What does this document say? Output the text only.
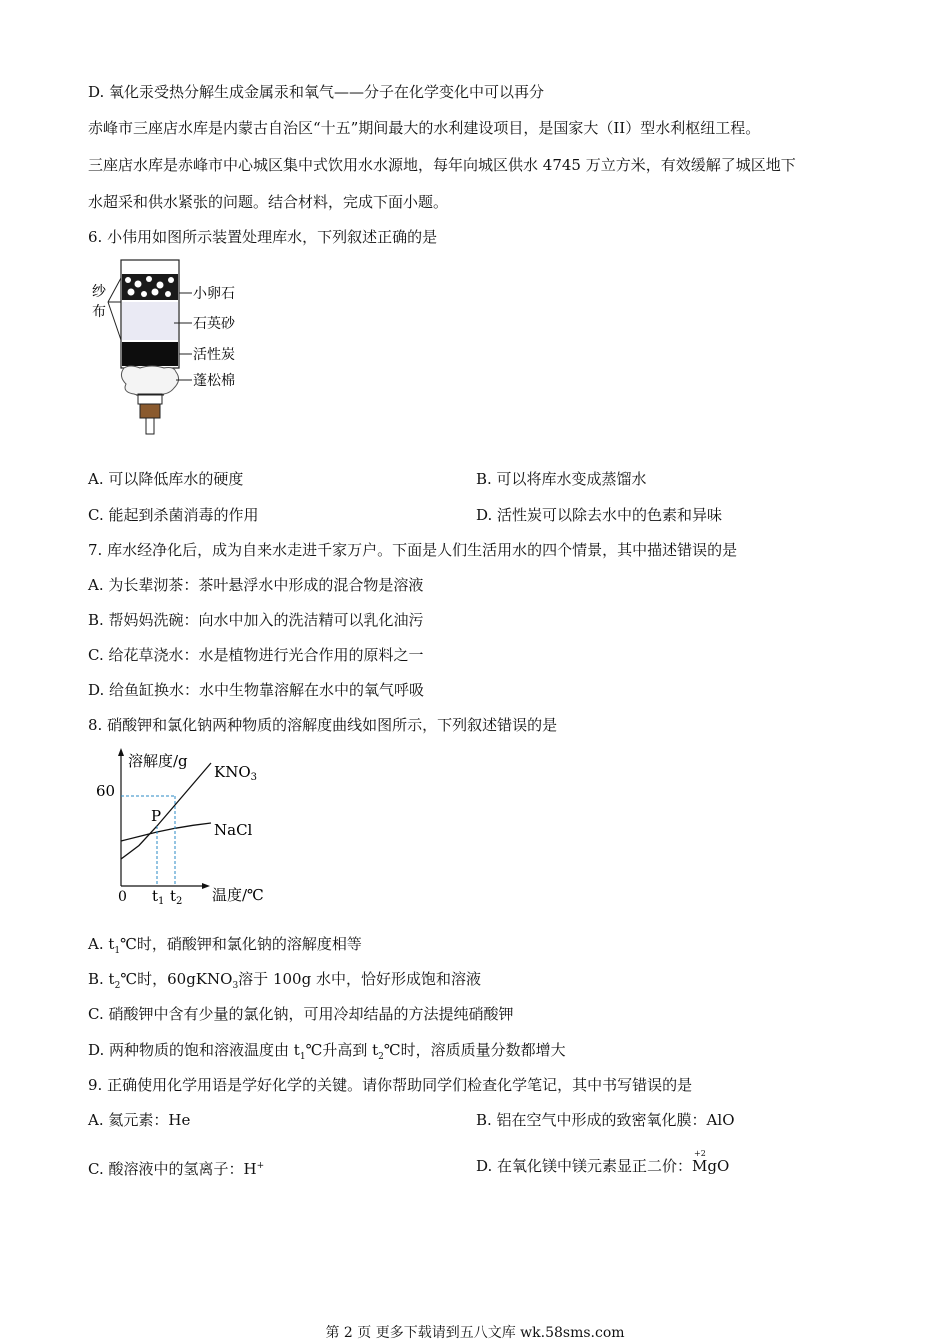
D. 氧化汞受热分解生成金属汞和氧气——分子在化学变化中可以再分
赤峰市三座店水库是内蒙古自治区“十五”期间最大的水利建设项目，是国家大（II）型水利枢纽工程。
三座店水库是赤峰市中心城区集中式饮用水水源地，每年向城区供水 4745 万立方米，有效缓解了城区地下
水超采和供水紧张的问题。结合材料，完成下面小题。
6. 小伟用如图所示装置处理库水，下列叙述正确的是
纱
布
小卵石
石英砂
活性炭
蓬松棉
A. 可以降低库水的硬度	B. 可以将库水变成蒸馏水
C. 能起到杀菌消毒的作用	D. 活性炭可以除去水中的色素和异味
7. 库水经净化后，成为自来水走进千家万户。下面是人们生活用水的四个情景，其中描述错误的是
A. 为长辈沏茶：茶叶悬浮水中形成的混合物是溶液
B. 帮妈妈洗碗：向水中加入的洗洁精可以乳化油污
C. 给花草浇水：水是植物进行光合作用的原料之一
D. 给鱼缸换水：水中生物靠溶解在水中的氧气呼吸
8. 硝酸钾和氯化钠两种物质的溶解度曲线如图所示，下列叙述错误的是
溶解度/g
温度/℃
0
60
$KNO_3$
NaCl
P
$t_1$ $t_2$
A. $t_1℃$时，硝酸钾和氯化钠的溶解度相等
B. $t_2℃$时，60gKNO$_3$溶于 100g 水中，恰好形成饱和溶液
C. 硝酸钾中含有少量的氯化钠，可用冷却结晶的方法提纯硝酸钾
D. 两种物质的饱和溶液温度由 $t_1℃$升高到 $t_2℃$时，溶质质量分数都增大
9. 正确使用化学用语是学好化学的关键。请你帮助同学们检查化学笔记，其中书写错误的是
A. 氦元素：He	B. 铝在空气中形成的致密氧化膜：AlO
C. 酸溶液中的氢离子：H+	D. 在氧化镁中镁元素显正二价：
+2
MgO
第 2 页 更多下载请到五八文库 wk.58sms.com
